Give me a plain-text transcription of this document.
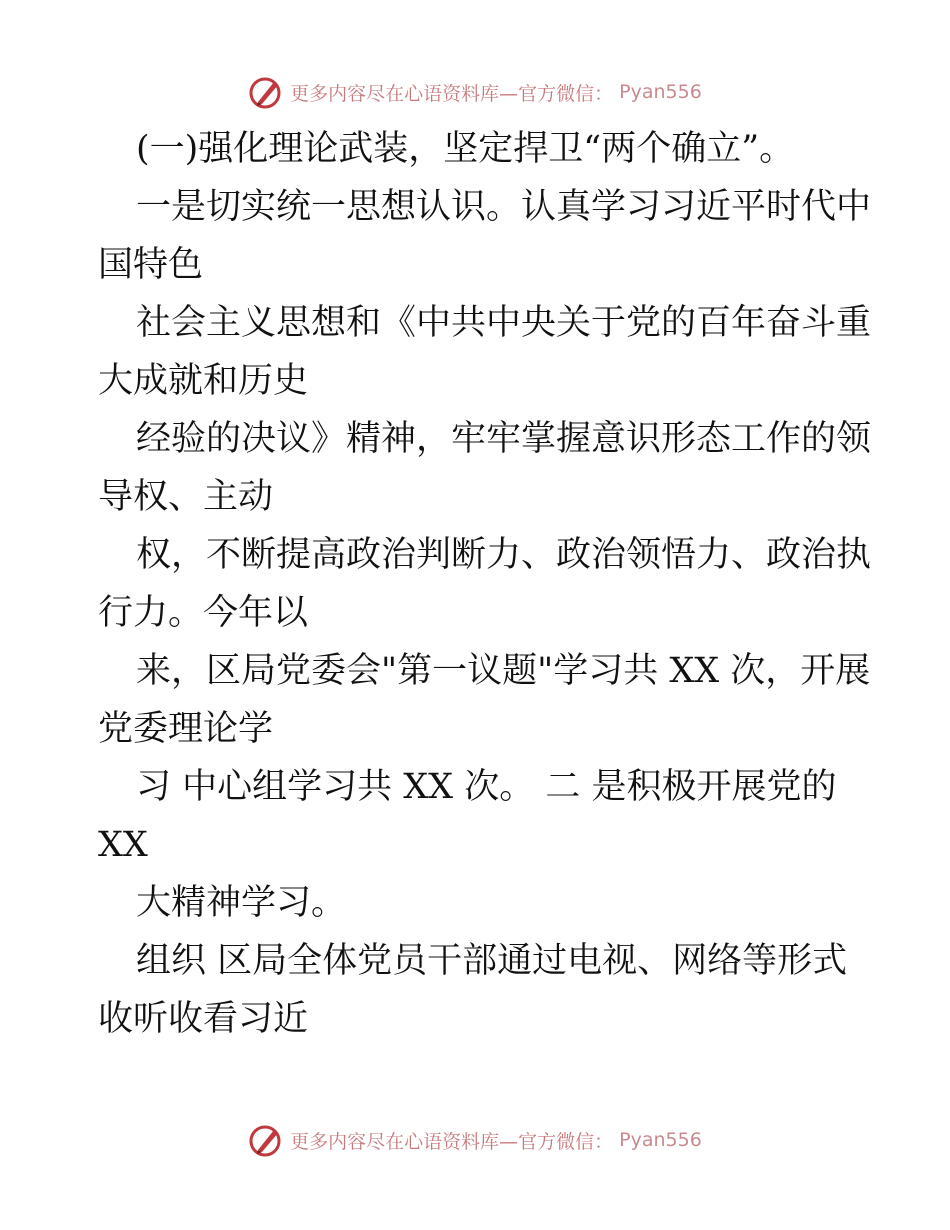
更多内容尽在心语资料库—官方微信： Pyan556
(一)强化理论武装，坚定捍卫“两个确立”。
一是切实统一思想认识。认真学习习近平时代中
国特色
社会主义思想和《中共中央关于党的百年奋斗重
大成就和历史
经验的决议》精神，牢牢掌握意识形态工作的领
导权、主动
权，不断提高政治判断力、政治领悟力、政治执
行力。今年以
来，区局党委会"第一议题"学习共 XX 次，开展
党委理论学
习 中心组学习共 XX 次。 二 是积极开展党的
XX
大精神学习。
组织 区局全体党员干部通过电视、网络等形式
收听收看习近
更多内容尽在心语资料库—官方微信： Pyan556
